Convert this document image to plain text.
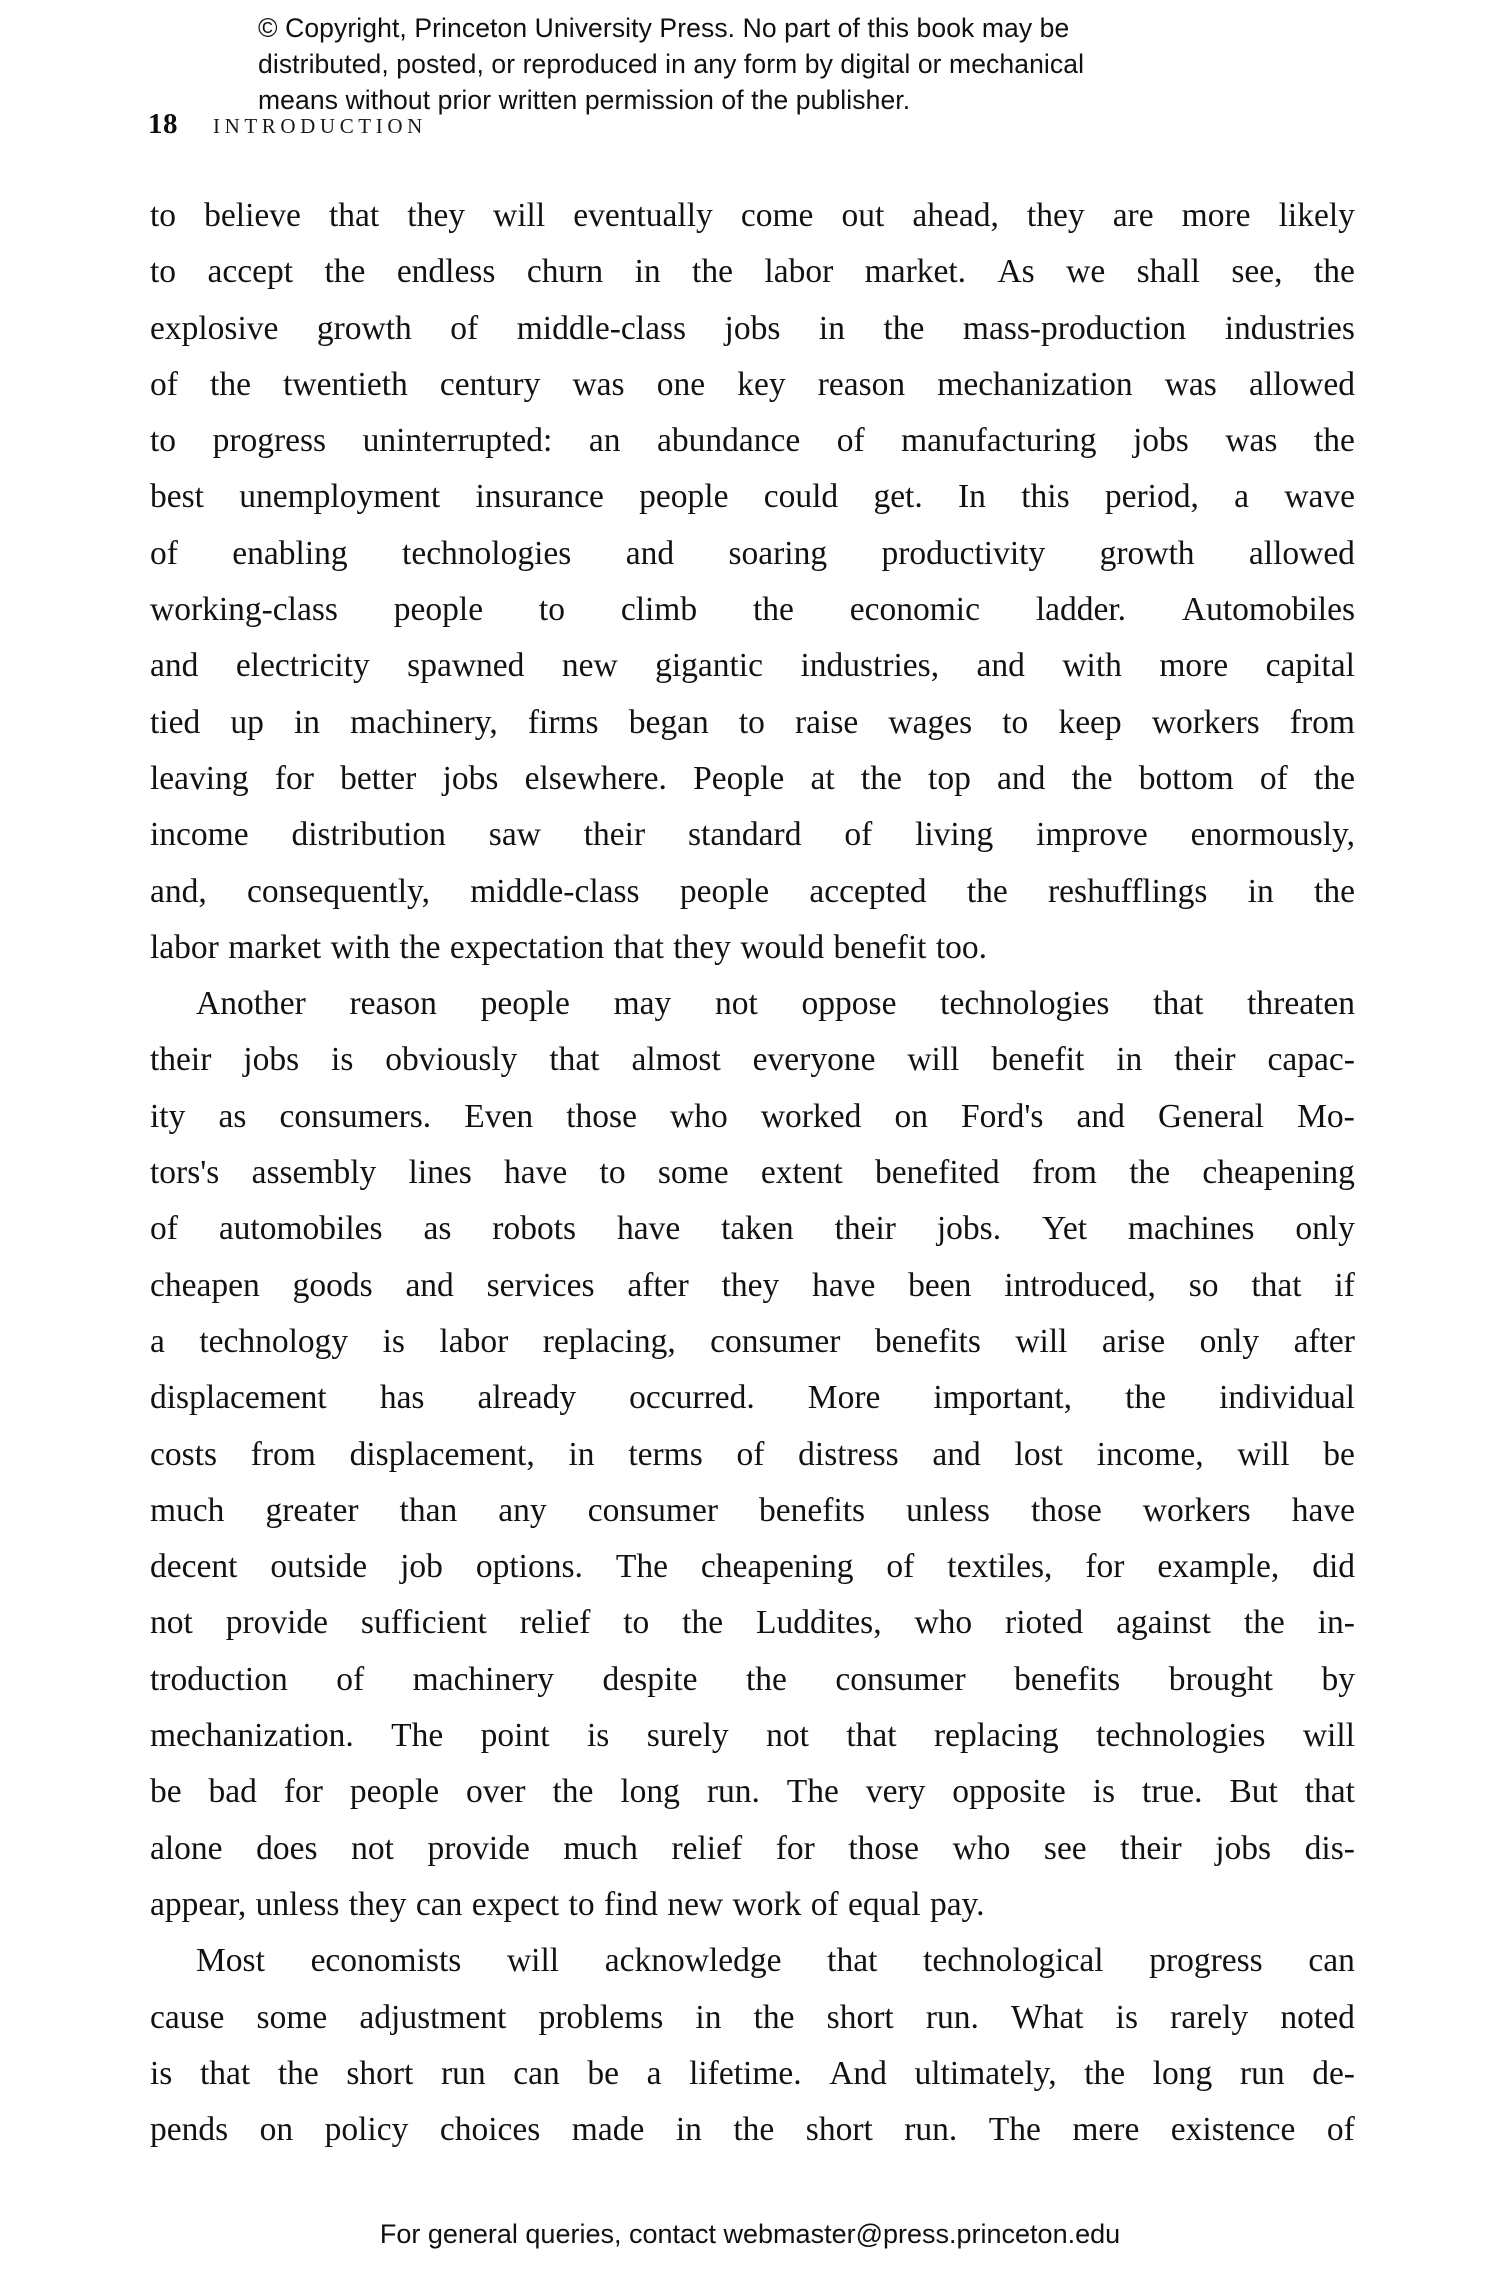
© Copyright, Princeton University Press. No part of this book may be
distributed, posted, or reproduced in any form by digital or mechanical
means without prior written permission of the publisher.
18 INTRODUCTION
to believe that they will eventually come out ahead, they are more likely
to accept the endless churn in the labor market. As we shall see, the
explosive growth of middle-class jobs in the mass-production industries
of the twentieth century was one key reason mechanization was allowed
to progress uninterrupted: an abundance of manufacturing jobs was the
best unemployment insurance people could get. In this period, a wave
of enabling technologies and soaring productivity growth allowed
working-class people to climb the economic ladder. Automobiles
and electricity spawned new gigantic industries, and with more capital
tied up in machinery, firms began to raise wages to keep workers from
leaving for better jobs elsewhere. People at the top and the bottom of the
income distribution saw their standard of living improve enormously,
and, consequently, middle-class people accepted the reshufflings in the
labor market with the expectation that they would benefit too.
Another reason people may not oppose technologies that threaten
their jobs is obviously that almost everyone will benefit in their capac-
ity as consumers. Even those who worked on Ford's and General Mo-
tors's assembly lines have to some extent benefited from the cheapening
of automobiles as robots have taken their jobs. Yet machines only
cheapen goods and services after they have been introduced, so that if
a technology is labor replacing, consumer benefits will arise only after
displacement has already occurred. More important, the individual
costs from displacement, in terms of distress and lost income, will be
much greater than any consumer benefits unless those workers have
decent outside job options. The cheapening of textiles, for example, did
not provide sufficient relief to the Luddites, who rioted against the in-
troduction of machinery despite the consumer benefits brought by
mechanization. The point is surely not that replacing technologies will
be bad for people over the long run. The very opposite is true. But that
alone does not provide much relief for those who see their jobs dis-
appear, unless they can expect to find new work of equal pay.
Most economists will acknowledge that technological progress can
cause some adjustment problems in the short run. What is rarely noted
is that the short run can be a lifetime. And ultimately, the long run de-
pends on policy choices made in the short run. The mere existence of
For general queries, contact webmaster@press.princeton.edu
